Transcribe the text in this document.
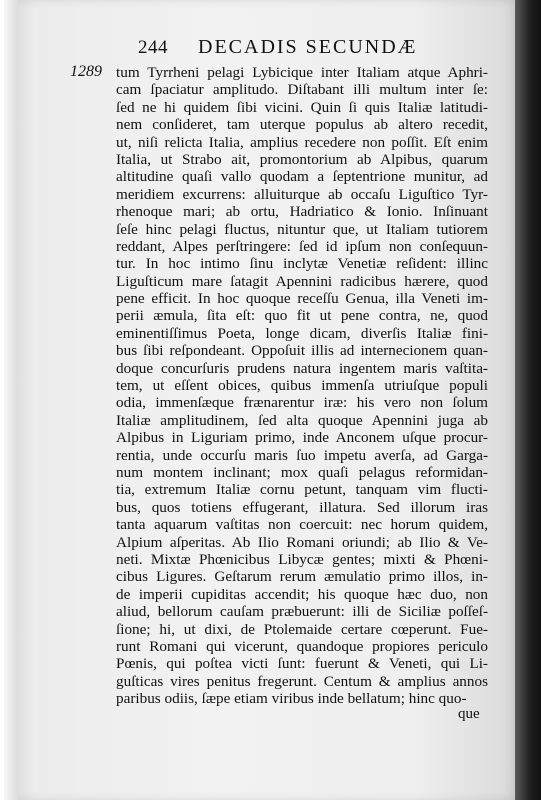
244 DECADIS SECUNDÆ
1289 tum Tyrrheni pelagi Lybicique inter Italiam atque Aphri-
cam ſpaciatur amplitudo. Diſtabant illi multum inter ſe:
ſed ne hi quidem ſibi vicini. Quin ſi quis Italiæ latitudi-
nem conſideret, tam uterque populus ab altero recedit,
ut, niſi relicta Italia, amplius recedere non poſſit. Eſt enim
Italia, ut Strabo ait, promontorium ab Alpibus, quarum
altitudine quaſi vallo quodam a ſeptentrione munitur, ad
meridiem excurrens: alluiturque ab occaſu Liguſtico Tyr-
rhenoque mari; ab ortu, Hadriatico & Ionio. Inſinuant
ſeſe hinc pelagi fluctus, nituntur que, ut Italiam tutiorem
reddant, Alpes perſtringere: ſed id ipſum non conſequun-
tur. In hoc intimo ſinu inclytæ Venetiæ reſident: illinc
Liguſticum mare ſatagit Apennini radicibus hærere, quod
pene efficit. In hoc quoque receſſu Genua, illa Veneti im-
perii æmula, ſita eſt: quo fit ut pene contra, ne, quod
eminentiſſimus Poeta, longe dicam, diverſis Italiæ fini-
bus ſibi reſpondeant. Oppoſuit illis ad internecionem quan-
doque concurſuris prudens natura ingentem maris vaſtita-
tem, ut eſſent obices, quibus immenſa utriuſque populi
odia, immenſæque frænarentur iræ: his vero non ſolum
Italiæ amplitudinem, ſed alta quoque Apennini juga ab
Alpibus in Liguriam primo, inde Anconem uſque procur-
rentia, unde occurſu maris ſuo impetu averſa, ad Garga-
num montem inclinant; mox quaſi pelagus reformidan-
tia, extremum Italiæ cornu petunt, tanquam vim flucti-
bus, quos totiens effugerant, illatura. Sed illorum iras
tanta aquarum vaſtitas non coercuit: nec horum quidem,
Alpium aſperitas. Ab Ilio Romani oriundi; ab Ilio & Ve-
neti. Mixtæ Phœnicibus Libycæ gentes; mixti & Phœni-
cibus Ligures. Geſtarum rerum æmulatio primo illos, in-
de imperii cupiditas accendit; his quoque hæc duo, non
aliud, bellorum cauſam præbuerunt: illi de Siciliæ poſſeſ-
ſione; hi, ut dixi, de Ptolemaide certare cœperunt. Fue-
runt Romani qui vicerunt, quandoque propiores periculo
Pœnis, qui poſtea victi ſunt: fuerunt & Veneti, qui Li-
guſticas vires penitus fregerunt. Centum & amplius annos
paribus odiis, ſæpe etiam viribus inde bellatum; hinc quo-
que
